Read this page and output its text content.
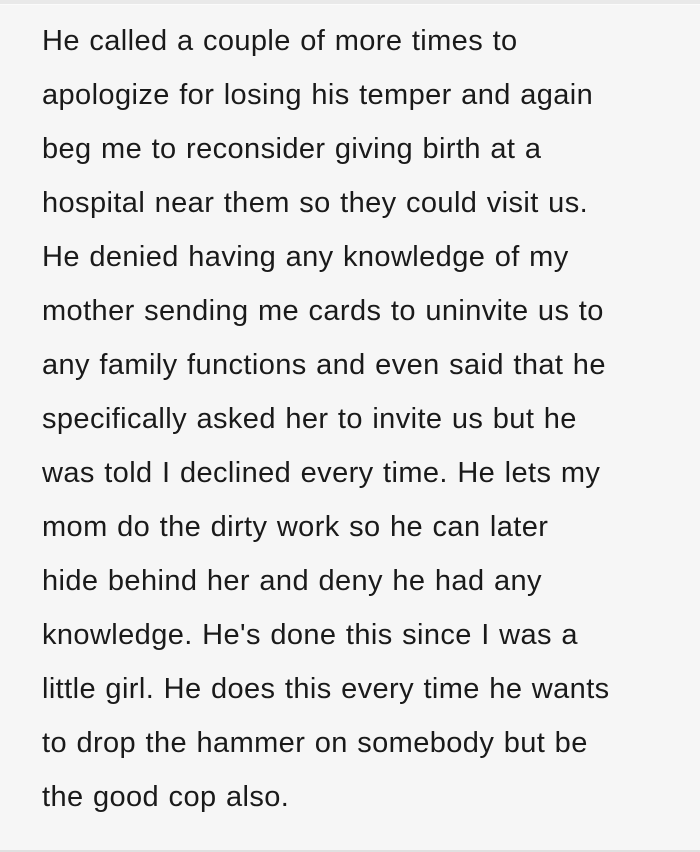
He called a couple of more times to
apologize for losing his temper and again
beg me to reconsider giving birth at a
hospital near them so they could visit us.
He denied having any knowledge of my
mother sending me cards to uninvite us to
any family functions and even said that he
specifically asked her to invite us but he
was told I declined every time. He lets my
mom do the dirty work so he can later
hide behind her and deny he had any
knowledge. He's done this since I was a
little girl. He does this every time he wants
to drop the hammer on somebody but be
the good cop also.
